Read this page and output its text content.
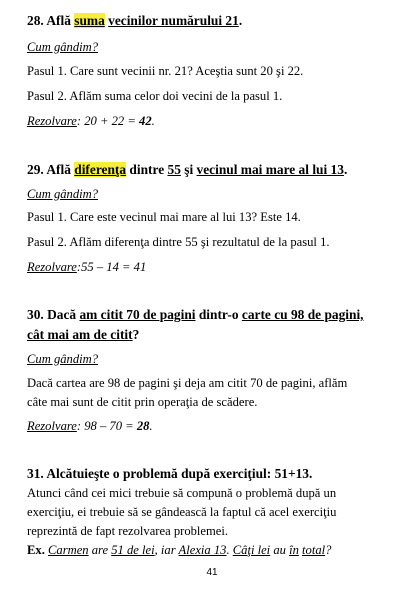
28. Află suma vecinilor numărului 21.
Cum gândim?
Pasul 1. Care sunt vecinii nr. 21? Aceştia sunt 20 şi 22.
Pasul 2. Aflăm suma celor doi vecini de la pasul 1.
Rezolvare: 20 + 22 = 42.
29. Află diferenţa dintre 55 şi vecinul mai mare al lui 13.
Cum gândim?
Pasul 1. Care este vecinul mai mare al lui 13? Este 14.
Pasul 2. Aflăm diferenţa dintre 55 şi rezultatul de la pasul 1.
Rezolvare:55 – 14 = 41
30. Dacă am citit 70 de pagini dintr-o carte cu 98 de pagini,
cât mai am de citit?
Cum gândim?
Dacă cartea are 98 de pagini şi deja am citit 70 de pagini, aflăm
câte mai sunt de citit prin operaţia de scădere.
Rezolvare: 98 – 70 = 28.
31. Alcătuieşte o problemă după exerciţiul: 51+13.
Atunci când cei mici trebuie să compună o problemă după un
exerciţiu, ei trebuie să se gândească la faptul că acel exerciţiu
reprezintă de fapt rezolvarea problemei.
Ex. Carmen are 51 de lei, iar Alexia 13. Câţi lei au în total?
41
